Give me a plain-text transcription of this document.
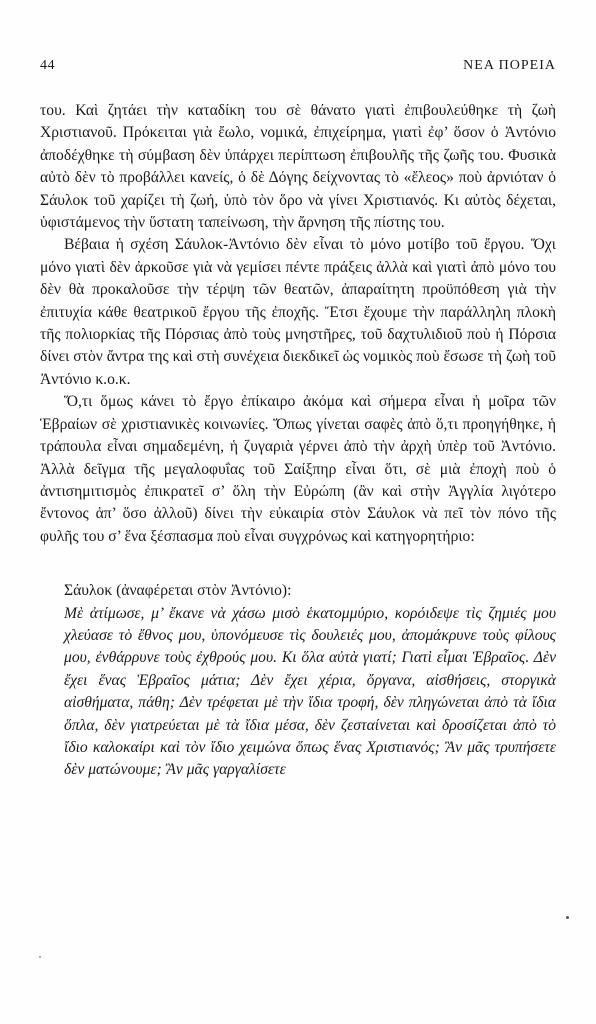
44	ΝΕΑ ΠΟΡΕΙΑ

του. Καὶ ζητάει τὴν καταδίκη του σὲ θάνατο γιατὶ ἐπιβουλεύθηκε τὴ ζωὴ Χριστιανοῦ. Πρόκειται γιὰ ἔωλο, νομικά, ἐπιχείρημα, γιατὶ ἐφ’ ὅσον ὁ Ἀντόνιο ἀποδέχθηκε τὴ σύμβαση δὲν ὑπάρχει περίπτωση ἐπιβουλῆς τῆς ζωῆς του. Φυσικὰ αὐτὸ δὲν τὸ προβάλλει κανείς, ὁ δὲ Δόγης δείχνοντας τὸ «ἔλεος» ποὺ ἀρνιόταν ὁ Σάυλοκ τοῦ χαρίζει τὴ ζωή, ὑπὸ τὸν ὅρο νὰ γίνει Χριστιανός. Κι αὐτὸς δέχεται, ὑφιστάμενος τὴν ὕστατη ταπείνωση, τὴν ἄρνηση τῆς πίστης του.

Βέβαια ἡ σχέση Σάυλοκ-Ἀντόνιο δὲν εἶναι τὸ μόνο μοτίβο τοῦ ἔργου. Ὄχι μόνο γιατὶ δὲν ἀρκοῦσε γιὰ νὰ γεμίσει πέντε πράξεις ἀλλὰ καὶ γιατὶ ἀπὸ μόνο του δὲν θὰ προκαλοῦσε τὴν τέρψη τῶν θεατῶν, ἀπαραίτητη προϋπόθεση γιὰ τὴν ἐπιτυχία κάθε θεατρικοῦ ἔργου τῆς ἐποχῆς. Ἔτσι ἔχουμε τὴν παράλληλη πλοκὴ τῆς πολιορκίας τῆς Πόρσιας ἀπὸ τοὺς μνηστῆρες, τοῦ δαχτυλιδιοῦ ποὺ ἡ Πόρσια δίνει στὸν ἄντρα της καὶ στὴ συνέχεια διεκδικεῖ ὡς νομικὸς ποὺ ἔσωσε τὴ ζωὴ τοῦ Ἀντόνιο κ.ο.κ.

Ὅ,τι ὅμως κάνει τὸ ἔργο ἐπίκαιρο ἀκόμα καὶ σήμερα εἶναι ἡ μοῖρα τῶν Ἑβραίων σὲ χριστιανικὲς κοινωνίες. Ὅπως γίνεται σαφὲς ἀπὸ ὅ,τι προηγήθηκε, ἡ τράπουλα εἶναι σημαδεμένη, ἡ ζυγαριὰ γέρνει ἀπὸ τὴν ἀρχὴ ὑπὲρ τοῦ Ἀντόνιο. Ἀλλὰ δεῖγμα τῆς μεγαλοφυΐας τοῦ Σαίξπηρ εἶναι ὅτι, σὲ μιὰ ἐποχὴ ποὺ ὁ ἀντισημιτισμὸς ἐπικρατεῖ σ’ ὅλη τὴν Εὐρώπη (ἂν καὶ στὴν Ἀγγλία λιγότερο ἔντονος ἀπ’ ὅσο ἀλλοῦ) δίνει τὴν εὐκαιρία στὸν Σάυλοκ νὰ πεῖ τὸν πόνο τῆς φυλῆς του σ’ ἕνα ξέσπασμα ποὺ εἶναι συγχρόνως καὶ κατηγορητήριο:

Σάυλοκ (ἀναφέρεται στὸν Ἀντόνιο):

Μὲ ἀτίμωσε, μ’ ἔκανε νὰ χάσω μισὸ ἑκατομμύριο, κορόιδεψε τὶς ζημιές μου χλεύασε τὸ ἔθνος μου, ὑπονόμευσε τὶς δουλειές μου, ἀπομάκρυνε τοὺς φίλους μου, ἐνθάρρυνε τοὺς ἐχθρούς μου. Κι ὅλα αὐτὰ γιατί; Γιατὶ εἶμαι Ἑβραῖος. Δὲν ἔχει ἕνας Ἑβραῖος μάτια; Δὲν ἔχει χέρια, ὄργανα, αἰσθήσεις, στοργικὰ αἰσθήματα, πάθη; Δὲν τρέφεται μὲ τὴν ἴδια τροφή, δὲν πληγώνεται ἀπὸ τὰ ἴδια ὅπλα, δὲν γιατρεύεται μὲ τὰ ἴδια μέσα, δὲν ζεσταίνεται καὶ δροσίζεται ἀπὸ τὸ ἴδιο καλοκαίρι καὶ τὸν ἴδιο χειμώνα ὅπως ἕνας Χριστιανός; Ἂν μᾶς τρυπήσετε δὲν ματώνουμε; Ἂν μᾶς γαργαλίσετε
